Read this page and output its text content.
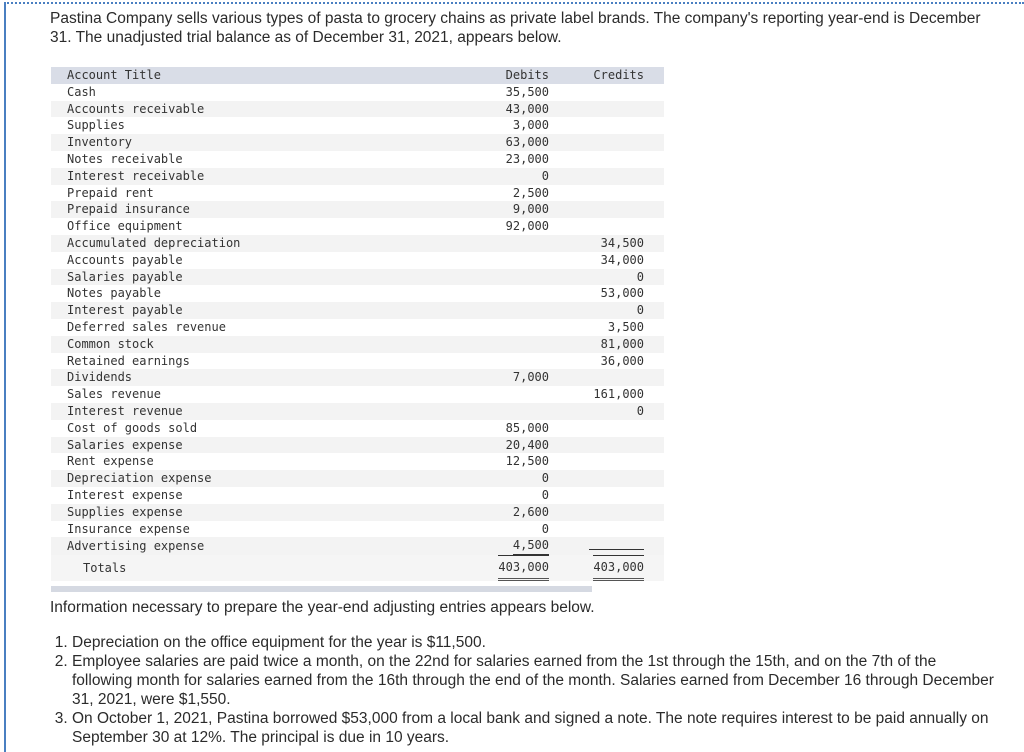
Pastina Company sells various types of pasta to grocery chains as private label brands. The company's reporting year-end is December 31. The unadjusted trial balance as of December 31, 2021, appears below.
Account Title	Debits		Credits	
Cash	35,500			
Accounts receivable	43,000			
Supplies	3,000			
Inventory	63,000			
Notes receivable	23,000			
Interest receivable	0			
Prepaid rent	2,500			
Prepaid insurance	9,000			
Office equipment	92,000			
Accumulated depreciation			34,500	
Accounts payable			34,000	
Salaries payable			0	
Notes payable			53,000	
Interest payable			0	
Deferred sales revenue			3,500	
Common stock			81,000	
Retained earnings			36,000	
Dividends	7,000			
Sales revenue			161,000	
Interest revenue			0	
Cost of goods sold	85,000			
Salaries expense	20,400			
Rent expense	12,500			
Depreciation expense	0			
Interest expense	0			
Supplies expense	2,600			
Insurance expense	0			
Advertising expense	4,500			
Totals	403,000		403,000	
Information necessary to prepare the year-end adjusting entries appears below.
1. Depreciation on the office equipment for the year is $11,500.
2. Employee salaries are paid twice a month, on the 22nd for salaries earned from the 1st through the 15th, and on the 7th of the following month for salaries earned from the 16th through the end of the month. Salaries earned from December 16 through December 31, 2021, were $1,550.
3. On October 1, 2021, Pastina borrowed $53,000 from a local bank and signed a note. The note requires interest to be paid annually on September 30 at 12%. The principal is due in 10 years.
